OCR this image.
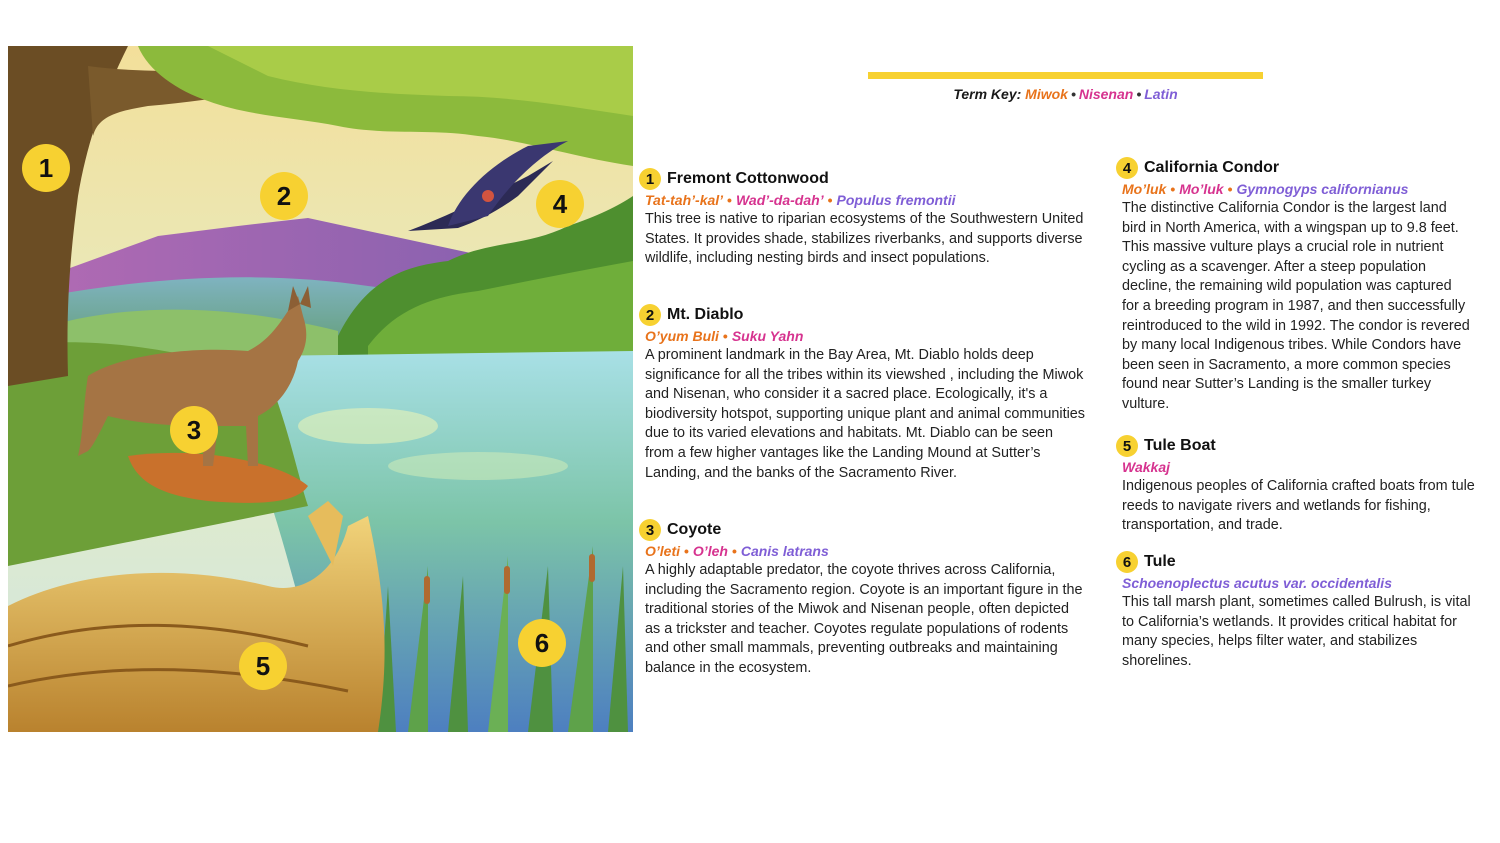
1
2
3
4
5
6
Term Key: Miwok • Nisenan • Latin
1 Fremont Cottonwood
Tat-tah’-kal’ • Wad’-da-dah’ • Populus fremontii

This tree is native to riparian ecosystems of the Southwestern United States. It provides shade, stabilizes riverbanks, and supports diverse wildlife, including nesting birds and insect populations.

2 Mt. Diablo
O’yum Buli • Suku Yahn

A prominent landmark in the Bay Area, Mt. Diablo holds deep significance for all the tribes within its viewshed , including the Miwok and Nisenan, who consider it a sacred place. Ecologically, it's a biodiversity hotspot, supporting unique plant and animal communities due to its varied elevations and habitats. Mt. Diablo can be seen from a few higher vantages like the Landing Mound at Sutter’s Landing, and the banks of the Sacramento River.

3 Coyote
O’leti • O’leh • Canis latrans

A highly adaptable predator, the coyote thrives across California, including the Sacramento region. Coyote is an important figure in the traditional stories of the Miwok and Nisenan people, often depicted as a trickster and teacher. Coyotes regulate populations of rodents and other small mammals, preventing outbreaks and maintaining balance in the ecosystem.

4 California Condor
Mo’luk • Mo’luk • Gymnogyps californianus

The distinctive California Condor is the largest land bird in North America, with a wingspan up to 9.8 feet. This massive vulture plays a crucial role in nutrient cycling as a scavenger. After a steep population decline, the remaining wild population was captured for a breeding program in 1987, and then successfully reintroduced to the wild in 1992. The condor is revered by many local Indigenous tribes. While Condors have been seen in Sacramento, a more common species found near Sutter’s Landing is the smaller turkey vulture.

5 Tule Boat
Wakkaj

Indigenous peoples of California crafted boats from tule reeds to navigate rivers and wetlands for fishing, transportation, and trade.

6 Tule
Schoenoplectus acutus var. occidentalis

This tall marsh plant, sometimes called Bulrush, is vital to California’s wetlands. It provides critical habitat for many species, helps filter water, and stabilizes shorelines.
